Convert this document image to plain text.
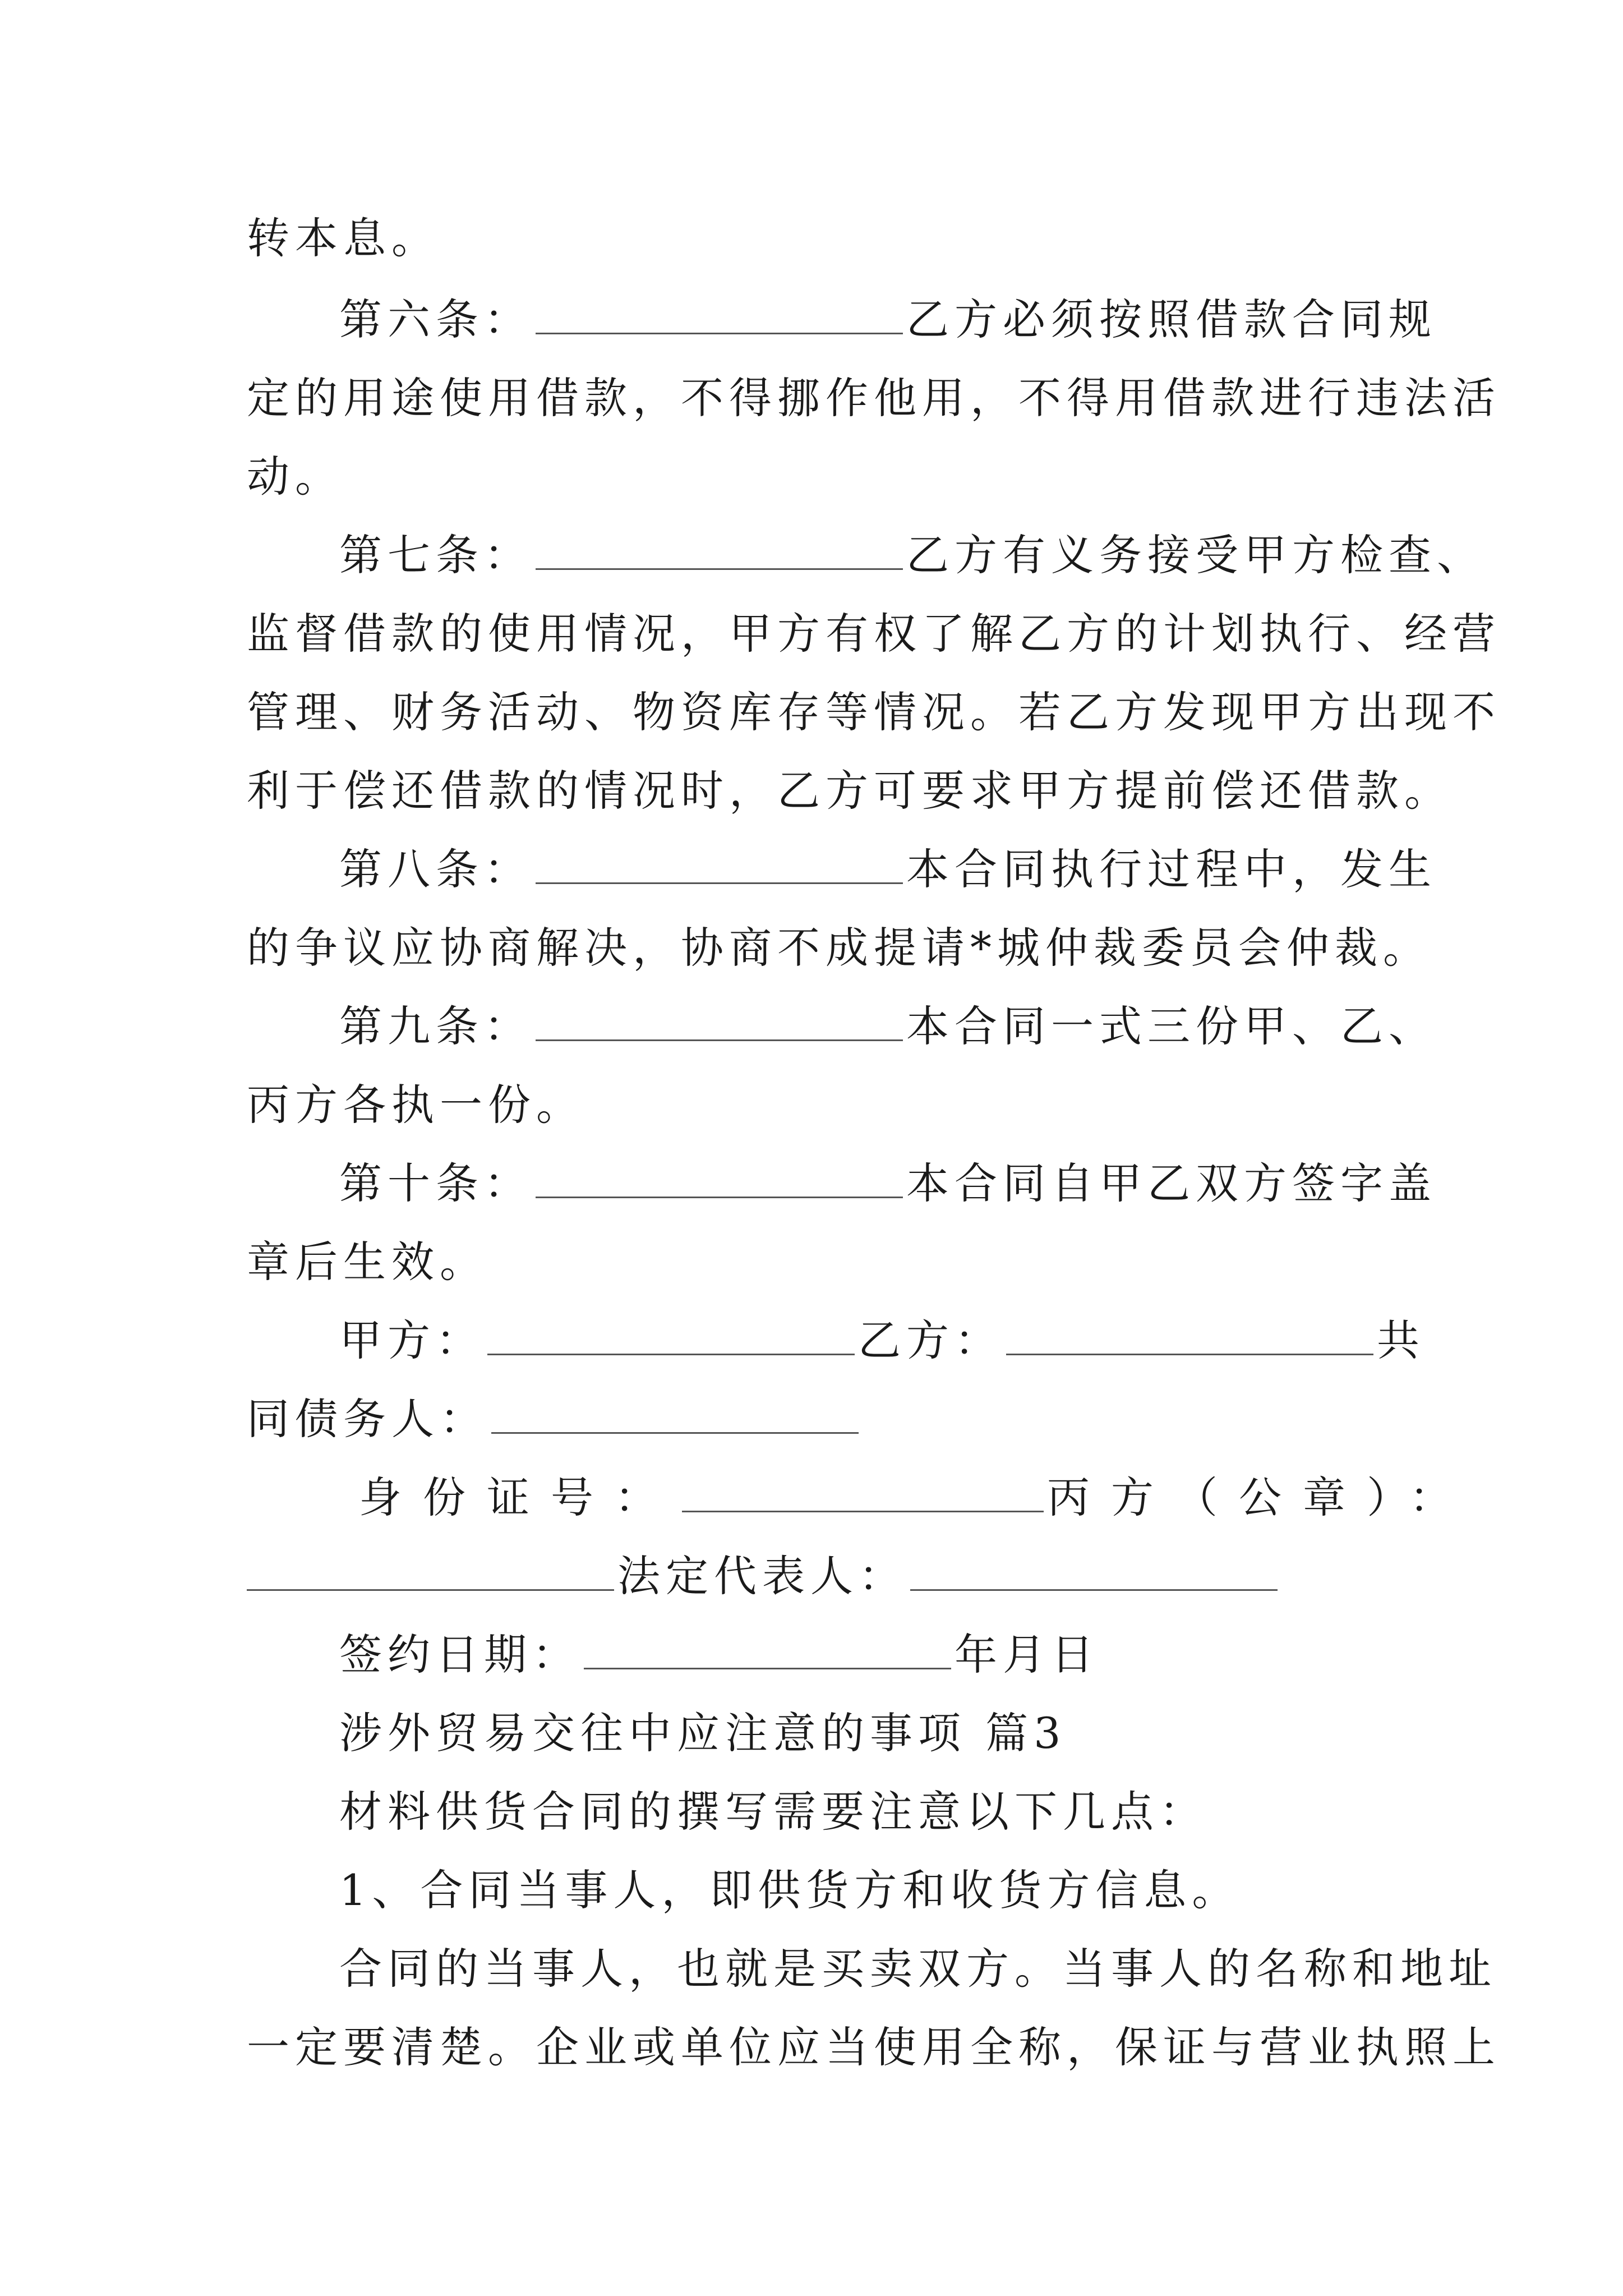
转本息。
第六条：	乙方必须按照借款合同规
定的用途使用借款，不得挪作他用，不得用借款进行违法活
动。
第七条：	乙方有义务接受甲方检查、
监督借款的使用情况，甲方有权了解乙方的计划执行、经营
管理、财务活动、物资库存等情况。若乙方发现甲方出现不
利于偿还借款的情况时，乙方可要求甲方提前偿还借款。
第八条：	本合同执行过程中，发生
的争议应协商解决，协商不成提请*城仲裁委员会仲裁。
第九条：	本合同一式三份甲、乙、
丙方各执一份。
第十条：	本合同自甲乙双方签字盖
章后生效。
甲方：	乙方：	共
同债务人：
身份证号：	丙方（公章）：
法定代表人：
签约日期：	年月日
涉外贸易交往中应注意的事项 篇3
材料供货合同的撰写需要注意以下几点：
1、合同当事人，即供货方和收货方信息。
合同的当事人，也就是买卖双方。当事人的名称和地址
一定要清楚。企业或单位应当使用全称，保证与营业执照上
